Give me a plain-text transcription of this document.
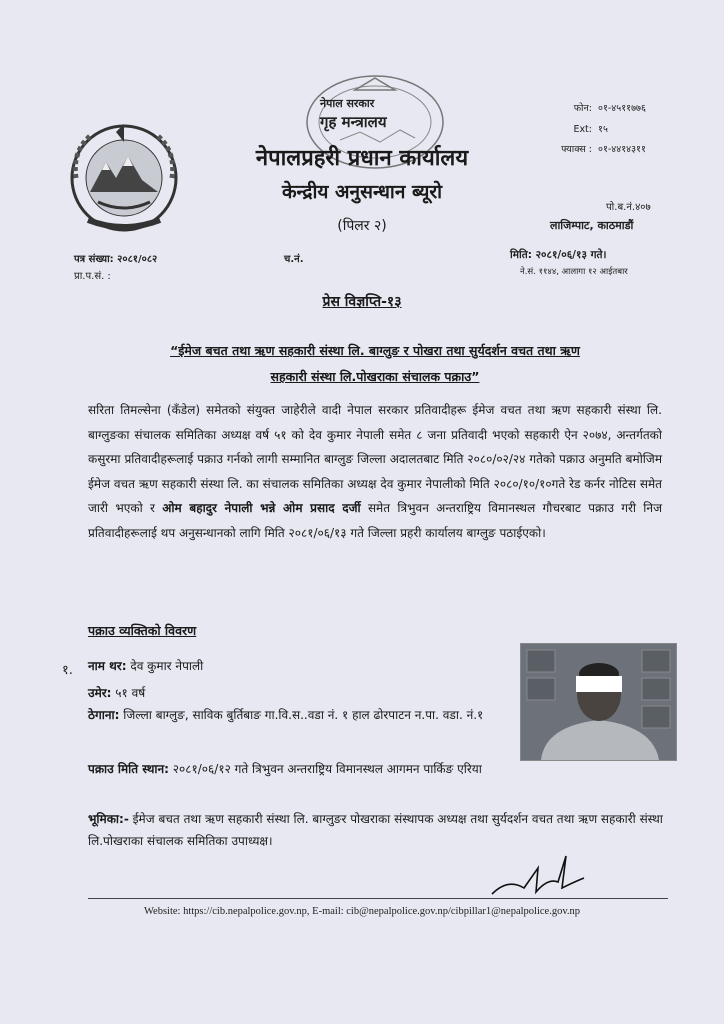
नेपाल सरकार
गृह मन्त्रालय
नेपालप्रहरी प्रधान कार्यालय
केन्द्रीय अनुसन्धान ब्यूरो
(पिलर २)
फोन: ०१-४५११७७६
Ext: १५
फ्याक्स : ०१-४४१४३११
पो.ब.नं.४०७
लाजिम्पाट, काठमाडौं
पत्र संख्या: २०८१/०८२	च.नं.	मिति: २०८१/०६/१३ गते।
प्रा.प.सं. :	ने.सं. ११४४, आलागा १२ आईतबार
प्रेस विज्ञप्ति-१३
“ईमेज बचत तथा ऋण सहकारी संस्था लि. बाग्लुङ र पोखरा तथा सुर्यदर्शन वचत तथा ऋण
सहकारी संस्था लि.पोखराका संचालक पक्राउ”
सरिता तिमल्सेना (कँडेल) समेतको संयुक्त जाहेरीले वादी नेपाल सरकार प्रतिवादीहरू ईमेज वचत तथा ऋण सहकारी संस्था लि. बाग्लुङका संचालक समितिका अध्यक्ष वर्ष ५१ को देव कुमार नेपाली समेत ८ जना प्रतिवादी भएको सहकारी ऐन २०७४, अन्तर्गतको कसुरमा प्रतिवादीहरूलाई पक्राउ गर्नको लागी सम्मानित बाग्लुङ जिल्ला अदालतबाट मिति २०८०/०२/२४ गतेको पक्राउ अनुमति बमोजिम ईमेज वचत ऋण सहकारी संस्था लि. का संचालक समितिका अध्यक्ष देव कुमार नेपालीको मिति २०८०/१०/१०गते रेड कर्नर नोटिस समेत जारी भएको र ओम बहादुर नेपाली भन्ने ओम प्रसाद दर्जी समेत त्रिभुवन अन्तराष्ट्रिय विमानस्थल गौचरबाट पक्राउ गरी निज प्रतिवादीहरूलाई थप अनुसन्धानको लागि मिति २०८१/०६/१३ गते जिल्ला प्रहरी कार्यालय बाग्लुङ पठाईएको।
पक्राउ व्यक्तिको विवरण
१. नाम थर: देव कुमार नेपाली
उमेर: ५१ वर्ष
ठेगाना: जिल्ला बाग्लुङ, साविक बुर्तिबाङ गा.वि.स..वडा नं. १ हाल ढोरपाटन न.पा. वडा. नं.१
पक्राउ मिति स्थान: २०८१/०६/१२ गते त्रिभुवन अन्तराष्ट्रिय विमानस्थल आगमन पार्किङ एरिया
भूमिका:- ईमेज बचत तथा ऋण सहकारी संस्था लि. बाग्लुङर पोखराका संस्थापक अध्यक्ष तथा सुर्यदर्शन वचत तथा ऋण सहकारी संस्था लि.पोखराका संचालक समितिका उपाध्यक्ष।
Website: https://cib.nepalpolice.gov.np, E-mail: cib@nepalpolice.gov.np/cibpillar1@nepalpolice.gov.np
